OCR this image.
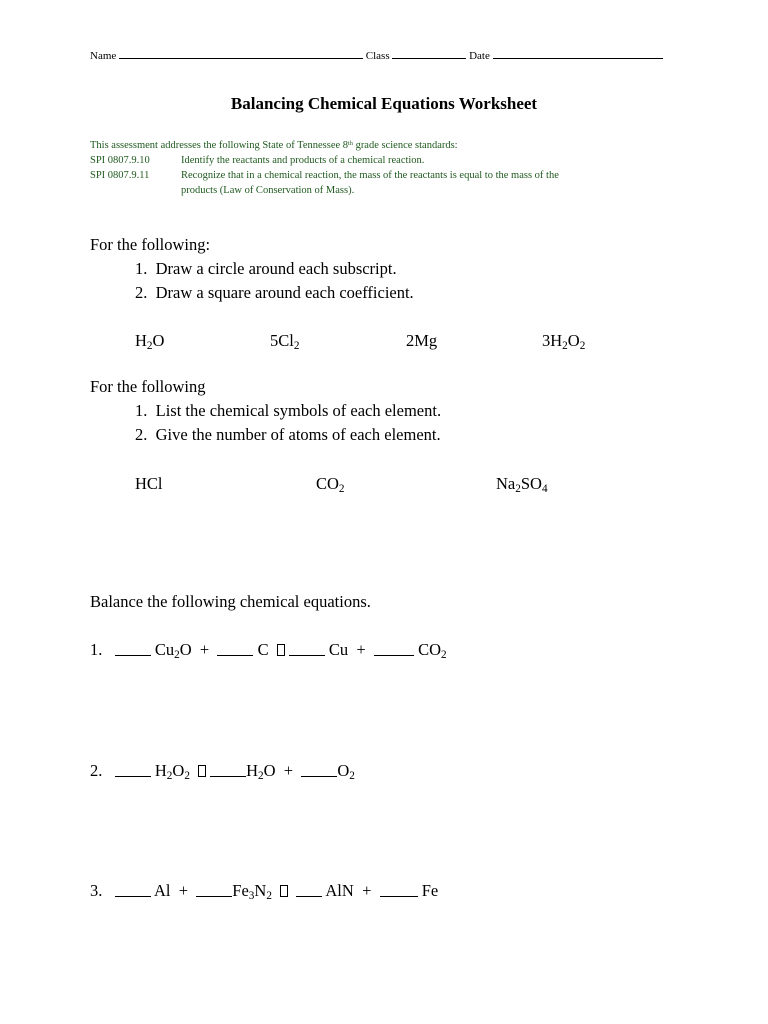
Name	Class	Date
Balancing Chemical Equations Worksheet
This assessment addresses the following State of Tennessee 8th grade science standards:
SPI 0807.9.10	Identify the reactants and products of a chemical reaction.
SPI 0807.9.11	Recognize that in a chemical reaction, the mass of the reactants is equal to the mass of the
products (Law of Conservation of Mass).
For the following:
1.  Draw a circle around each subscript.
2.  Draw a square around each coefficient.
$H_2O$	$5Cl_2$	2Mg	$3H_2O_2$
For the following
1.  List the chemical symbols of each element.
2.  Give the number of atoms of each element.
HCl	$CO_2$	$Na_2SO_4$
Balance the following chemical equations.
1.	$Cu_2O$ +	C	Cu +	$CO_2$
2.	$H_2O_2$	$H_2O$ +	$O_2$
3.	Al +	$Fe_3N_2$	AlN +	Fe
